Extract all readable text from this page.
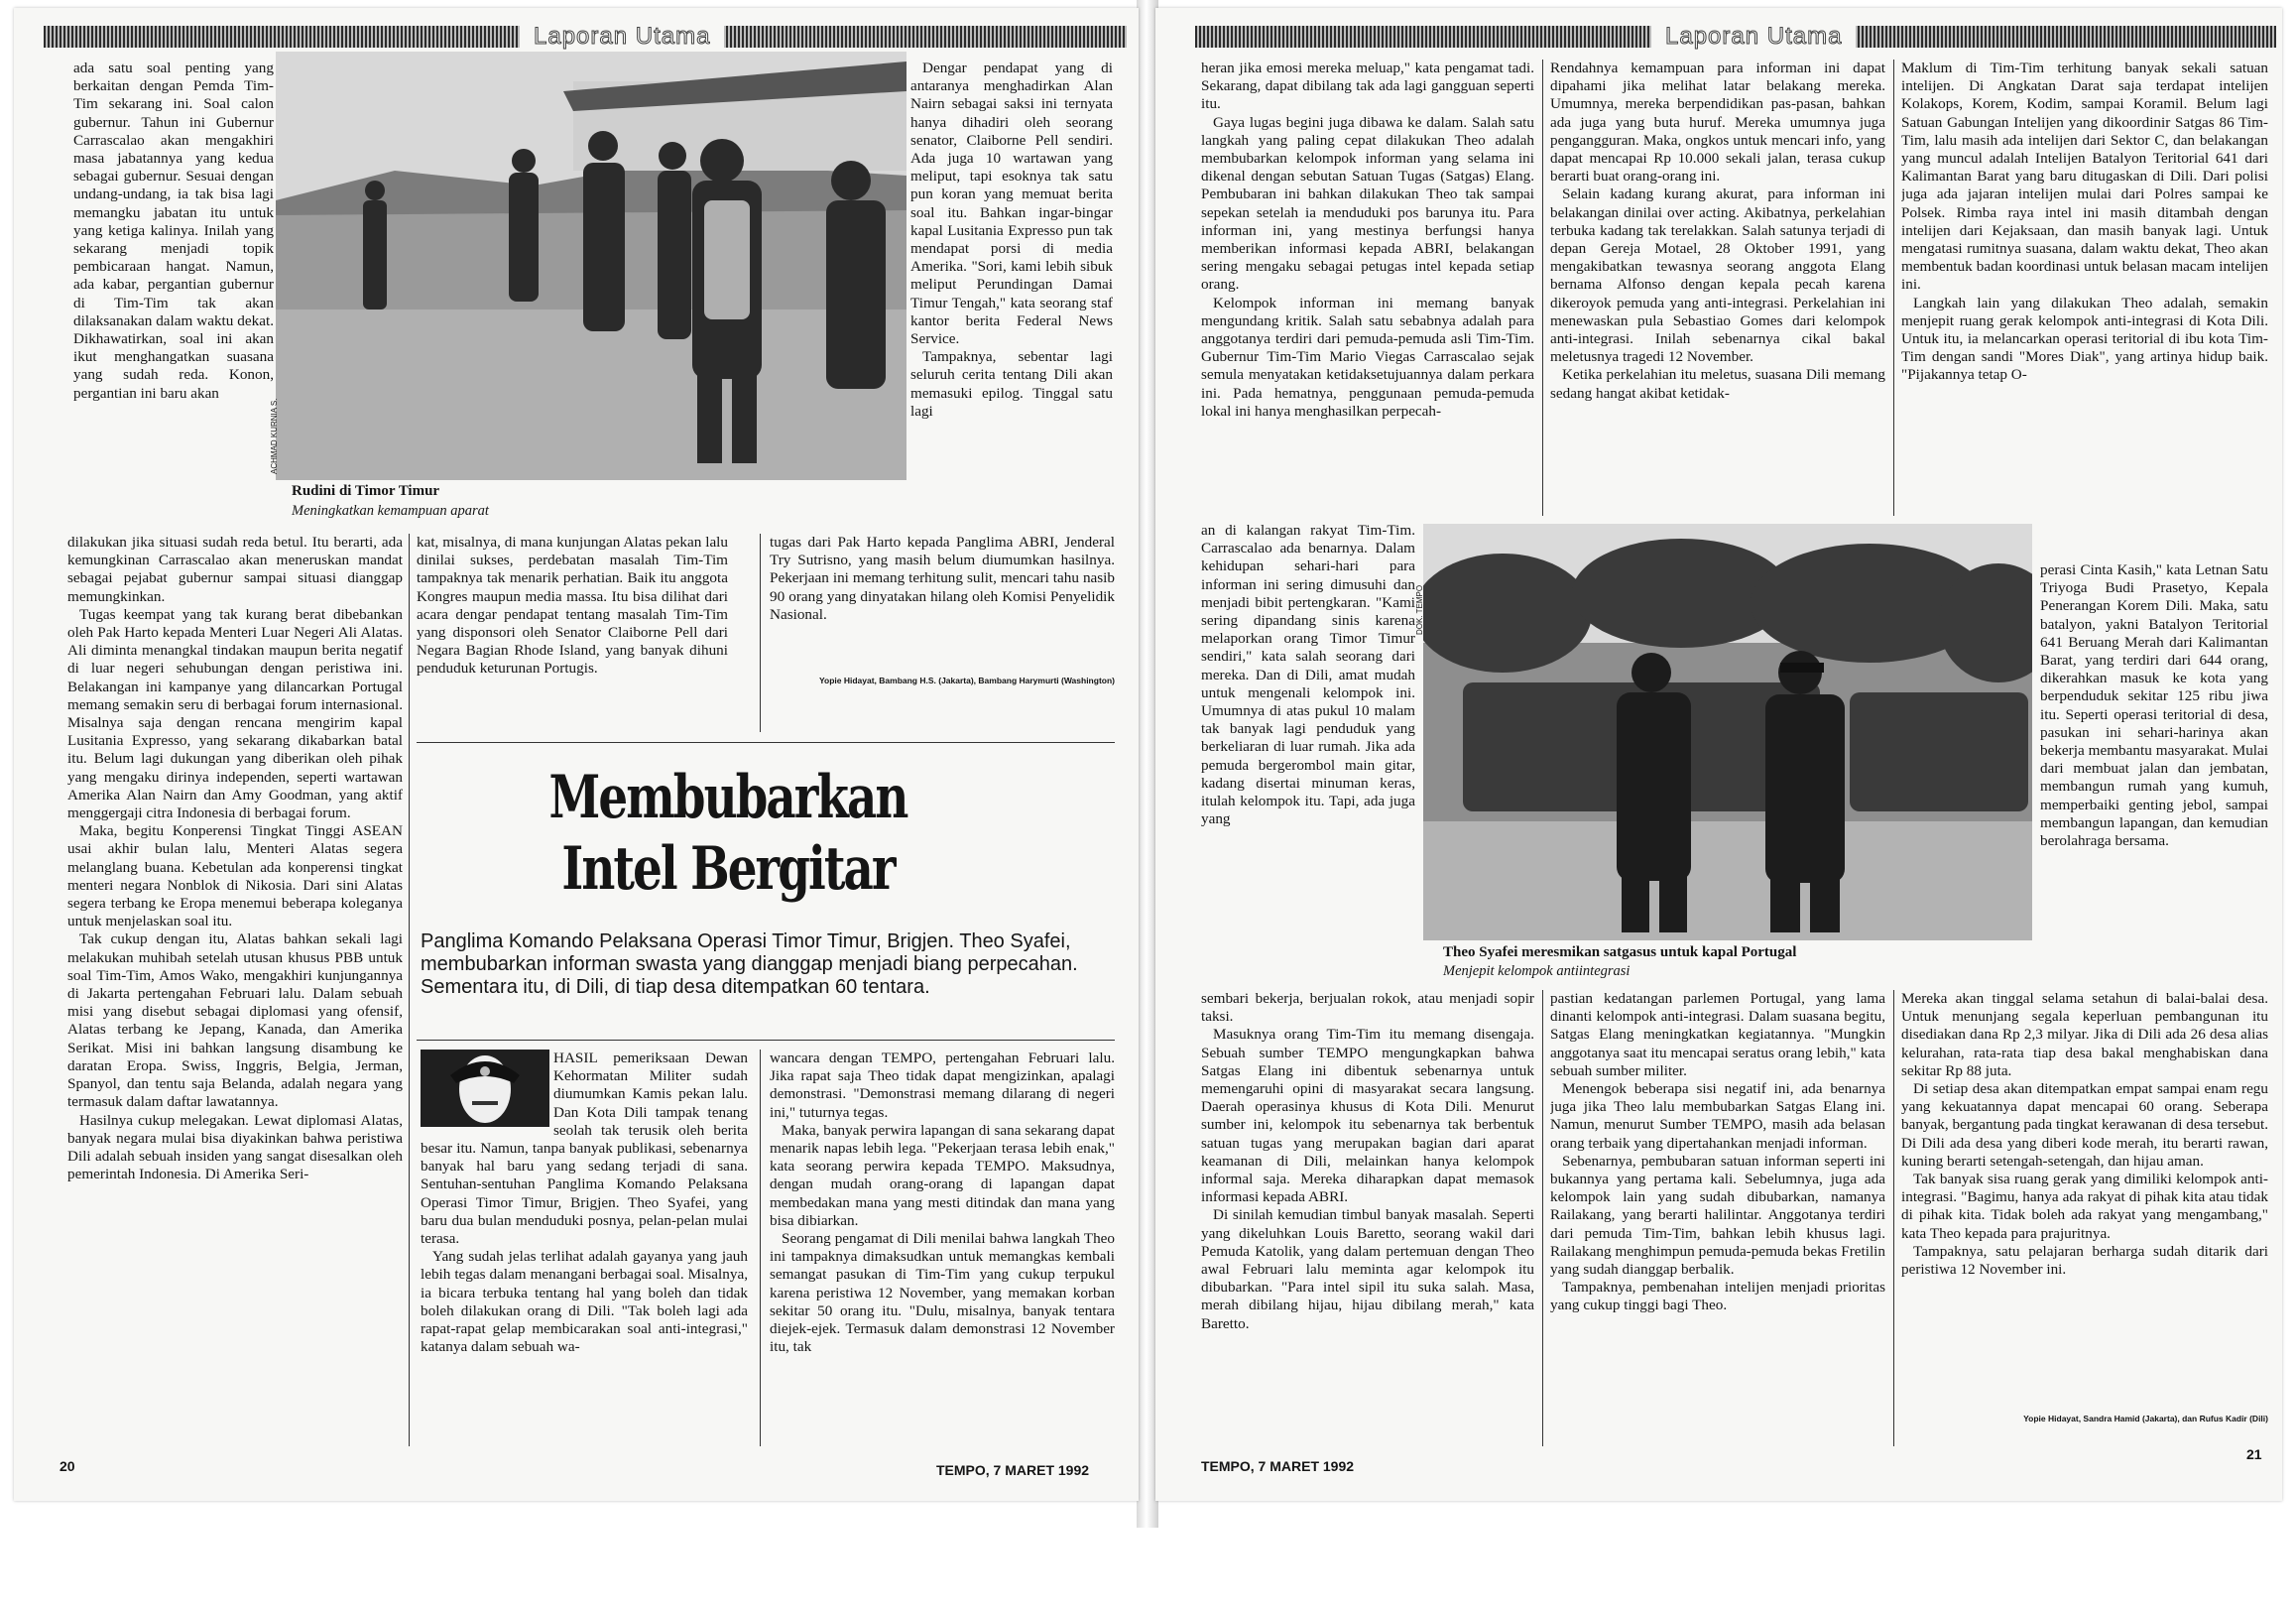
Laporan Utama

ada satu soal penting yang berkaitan dengan Pemda Tim-Tim sekarang ini. Soal calon gubernur. Tahun ini Gubernur Carrascalao akan mengakhiri masa jabatannya yang kedua sebagai gubernur. Sesuai dengan undang-undang, ia tak bisa lagi memangku jabatan itu untuk yang ketiga kalinya. Inilah yang sekarang menjadi topik pembicaraan hangat. Namun, ada kabar, pergantian gubernur di Tim-Tim tak akan dilaksanakan dalam waktu dekat. Dikhawatirkan, soal ini akan ikut menghangatkan suasana yang sudah reda. Konon, pergantian ini baru akan

ACHMAD KURNIA S.
Rudini di Timor Timur
Meningkatkan kemampuan aparat

Dengar pendapat yang di antaranya menghadirkan Alan Nairn sebagai saksi ini ternyata hanya dihadiri oleh seorang senator, Claiborne Pell sendiri. Ada juga 10 wartawan yang meliput, tapi esoknya tak satu pun koran yang memuat berita soal itu. Bahkan ingar-bingar kapal Lusitania Expresso pun tak mendapat porsi di media Amerika. "Sori, kami lebih sibuk meliput Perundingan Damai Timur Tengah," kata seorang staf kantor berita Federal News Service.

Tampaknya, sebentar lagi seluruh cerita tentang Dili akan memasuki epilog. Tinggal satu lagi

dilakukan jika situasi sudah reda betul. Itu berarti, ada kemungkinan Carrascalao akan meneruskan mandat sebagai pejabat gubernur sampai situasi dianggap memungkinkan.

Tugas keempat yang tak kurang berat dibebankan oleh Pak Harto kepada Menteri Luar Negeri Ali Alatas. Ali diminta menangkal tindakan maupun berita negatif di luar negeri sehubungan dengan peristiwa ini. Belakangan ini kampanye yang dilancarkan Portugal memang semakin seru di berbagai forum internasional. Misalnya saja dengan rencana mengirim kapal Lusitania Expresso, yang sekarang dikabarkan batal itu. Belum lagi dukungan yang diberikan oleh pihak yang mengaku dirinya independen, seperti wartawan Amerika Alan Nairn dan Amy Goodman, yang aktif menggergaji citra Indonesia di berbagai forum.

Maka, begitu Konperensi Tingkat Tinggi ASEAN usai akhir bulan lalu, Menteri Alatas segera melanglang buana. Kebetulan ada konperensi tingkat menteri negara Nonblok di Nikosia. Dari sini Alatas segera terbang ke Eropa menemui beberapa koleganya untuk menjelaskan soal itu.

Tak cukup dengan itu, Alatas bahkan sekali lagi melakukan muhibah setelah utusan khusus PBB untuk soal Tim-Tim, Amos Wako, mengakhiri kunjungannya di Jakarta pertengahan Februari lalu. Dalam sebuah misi yang disebut sebagai diplomasi yang ofensif, Alatas terbang ke Jepang, Kanada, dan Amerika Serikat. Misi ini bahkan langsung disambung ke daratan Eropa. Swiss, Inggris, Belgia, Jerman, Spanyol, dan tentu saja Belanda, adalah negara yang termasuk dalam daftar lawatannya.

Hasilnya cukup melegakan. Lewat diplomasi Alatas, banyak negara mulai bisa diyakinkan bahwa peristiwa Dili adalah sebuah insiden yang sangat disesalkan oleh pemerintah Indonesia. Di Amerika Seri-

kat, misalnya, di mana kunjungan Alatas pekan lalu dinilai sukses, perdebatan masalah Tim-Tim tampaknya tak menarik perhatian. Baik itu anggota Kongres maupun media massa. Itu bisa dilihat dari acara dengar pendapat tentang masalah Tim-Tim yang disponsori oleh Senator Claiborne Pell dari Negara Bagian Rhode Island, yang banyak dihuni penduduk keturunan Portugis.

tugas dari Pak Harto kepada Panglima ABRI, Jenderal Try Sutrisno, yang masih belum diumumkan hasilnya. Pekerjaan ini memang terhitung sulit, mencari tahu nasib 90 orang yang dinyatakan hilang oleh Komisi Penyelidik Nasional.

Yopie Hidayat, Bambang H.S. (Jakarta), Bambang Harymurti (Washington)
Membubarkan
Intel Bergitar
Panglima Komando Pelaksana Operasi Timor Timur, Brigjen. Theo Syafei, membubarkan informan swasta yang dianggap menjadi biang perpecahan. Sementara itu, di Dili, di tiap desa ditempatkan 60 tentara.

HASIL pemeriksaan Dewan Kehormatan Militer sudah diumumkan Kamis pekan lalu. Dan Kota Dili tampak tenang seolah tak terusik oleh berita besar itu. Namun, tanpa banyak publikasi, sebenarnya banyak hal baru yang sedang terjadi di sana. Sentuhan-sentuhan Panglima Komando Pelaksana Operasi Timor Timur, Brigjen. Theo Syafei, yang baru dua bulan menduduki posnya, pelan-pelan mulai terasa.

Yang sudah jelas terlihat adalah gayanya yang jauh lebih tegas dalam menangani berbagai soal. Misalnya, ia bicara terbuka tentang hal yang boleh dan tidak boleh dilakukan orang di Dili. "Tak boleh lagi ada rapat-rapat gelap membicarakan soal anti-integrasi," katanya dalam sebuah wa-

wancara dengan TEMPO, pertengahan Februari lalu. Jika rapat saja Theo tidak dapat mengizinkan, apalagi demonstrasi. "Demonstrasi memang dilarang di negeri ini," tuturnya tegas.

Maka, banyak perwira lapangan di sana sekarang dapat menarik napas lebih lega. "Pekerjaan terasa lebih enak," kata seorang perwira kepada TEMPO. Maksudnya, dengan mudah orang-orang di lapangan dapat membedakan mana yang mesti ditindak dan mana yang bisa dibiarkan.

Seorang pengamat di Dili menilai bahwa langkah Theo ini tampaknya dimaksudkan untuk memangkas kembali semangat pasukan di Tim-Tim yang cukup terpukul karena peristiwa 12 November, yang memakan korban sekitar 50 orang itu. "Dulu, misalnya, banyak tentara diejek-ejek. Termasuk dalam demonstrasi 12 November itu, tak

20	TEMPO, 7 MARET 1992
Laporan Utama

heran jika emosi mereka meluap," kata pengamat tadi. Sekarang, dapat dibilang tak ada lagi gangguan seperti itu.

Gaya lugas begini juga dibawa ke dalam. Salah satu langkah yang paling cepat dilakukan Theo adalah membubarkan kelompok informan yang selama ini dikenal dengan sebutan Satuan Tugas (Satgas) Elang. Pembubaran ini bahkan dilakukan Theo tak sampai sepekan setelah ia menduduki pos barunya itu. Para informan ini, yang mestinya berfungsi hanya memberikan informasi kepada ABRI, belakangan sering mengaku sebagai petugas intel kepada setiap orang.

Kelompok informan ini memang banyak mengundang kritik. Salah satu sebabnya adalah para anggotanya terdiri dari pemuda-pemuda asli Tim-Tim. Gubernur Tim-Tim Mario Viegas Carrascalao sejak semula menyatakan ketidaksetujuannya dalam perkara ini. Pada hematnya, penggunaan pemuda-pemuda lokal ini hanya menghasilkan perpecah-

an di kalangan rakyat Tim-Tim. Carrascalao ada benarnya. Dalam kehidupan sehari-hari para informan ini sering dimusuhi dan menjadi bibit pertengkaran. "Kami sering dipandang sinis karena melaporkan orang Timor Timur sendiri," kata salah seorang dari mereka. Dan di Dili, amat mudah untuk mengenali kelompok ini. Umumnya di atas pukul 10 malam tak banyak lagi penduduk yang berkeliaran di luar rumah. Jika ada pemuda bergerombol main gitar, kadang disertai minuman keras, itulah kelompok itu. Tapi, ada juga yang

sembari bekerja, berjualan rokok, atau menjadi sopir taksi.

Masuknya orang Tim-Tim itu memang disengaja. Sebuah sumber TEMPO mengungkapkan bahwa Satgas Elang ini dibentuk sebenarnya untuk memengaruhi opini di masyarakat secara langsung. Daerah operasinya khusus di Kota Dili. Menurut sumber ini, kelompok itu sebenarnya tak berbentuk satuan tugas yang merupakan bagian dari aparat keamanan di Dili, melainkan hanya kelompok informal saja. Mereka diharapkan dapat memasok informasi kepada ABRI.

Di sinilah kemudian timbul banyak masalah. Seperti yang dikeluhkan Louis Baretto, seorang wakil dari Pemuda Katolik, yang dalam pertemuan dengan Theo awal Februari lalu meminta agar kelompok itu dibubarkan. "Para intel sipil itu suka salah. Masa, merah dibilang hijau, hijau dibilang merah," kata Baretto.

Rendahnya kemampuan para informan ini dapat dipahami jika melihat latar belakang mereka. Umumnya, mereka berpendidikan pas-pasan, bahkan ada juga yang buta huruf. Mereka umumnya juga pengangguran. Maka, ongkos untuk mencari info, yang dapat mencapai Rp 10.000 sekali jalan, terasa cukup berarti buat orang-orang ini.

Selain kadang kurang akurat, para informan ini belakangan dinilai over acting. Akibatnya, perkelahian terbuka kadang tak terelakkan. Salah satunya terjadi di depan Gereja Motael, 28 Oktober 1991, yang mengakibatkan tewasnya seorang anggota Elang bernama Alfonso dengan kepala pecah karena dikeroyok pemuda yang anti-integrasi. Perkelahian ini menewaskan pula Sebastiao Gomes dari kelompok anti-integrasi. Inilah sebenarnya cikal bakal meletusnya tragedi 12 November.

Ketika perkelahian itu meletus, suasana Dili memang sedang hangat akibat ketidak-

Maklum di Tim-Tim terhitung banyak sekali satuan intelijen. Di Angkatan Darat saja terdapat intelijen Kolakops, Korem, Kodim, sampai Koramil. Belum lagi Satuan Gabungan Intelijen yang dikoordinir Satgas 86 Tim-Tim, lalu masih ada intelijen dari Sektor C, dan belakangan yang muncul adalah Intelijen Batalyon Teritorial 641 dari Kalimantan Barat yang baru ditugaskan di Dili. Dari polisi juga ada jajaran intelijen mulai dari Polres sampai ke Polsek. Rimba raya intel ini masih ditambah dengan intelijen dari Kejaksaan, dan masih banyak lagi. Untuk mengatasi rumitnya suasana, dalam waktu dekat, Theo akan membentuk badan koordinasi untuk belasan macam intelijen ini.

Langkah lain yang dilakukan Theo adalah, semakin menjepit ruang gerak kelompok anti-integrasi di Kota Dili. Untuk itu, ia melancarkan operasi teritorial di ibu kota Tim-Tim dengan sandi "Mores Diak", yang artinya hidup baik. "Pijakannya tetap O-

DOK. TEMPO
Theo Syafei meresmikan satgasus untuk kapal Portugal
Menjepit kelompok antiintegrasi

perasi Cinta Kasih," kata Letnan Satu Triyoga Budi Prasetyo, Kepala Penerangan Korem Dili. Maka, satu batalyon, yakni Batalyon Teritorial 641 Beruang Merah dari Kalimantan Barat, yang terdiri dari 644 orang, dikerahkan masuk ke kota yang berpenduduk sekitar 125 ribu jiwa itu. Seperti operasi teritorial di desa, pasukan ini sehari-harinya akan bekerja membantu masyarakat. Mulai dari membuat jalan dan jembatan, membangun rumah yang kumuh, memperbaiki genting jebol, sampai membangun lapangan, dan kemudian berolahraga bersama.

pastian kedatangan parlemen Portugal, yang lama dinanti kelompok anti-integrasi. Dalam suasana begitu, Satgas Elang meningkatkan kegiatannya. "Mungkin anggotanya saat itu mencapai seratus orang lebih," kata sebuah sumber militer.

Menengok beberapa sisi negatif ini, ada benarnya juga jika Theo lalu membubarkan Satgas Elang ini. Namun, menurut Sumber TEMPO, masih ada belasan orang terbaik yang dipertahankan menjadi informan.

Sebenarnya, pembubaran satuan informan seperti ini bukannya yang pertama kali. Sebelumnya, juga ada kelompok lain yang sudah dibubarkan, namanya Railakang, yang berarti halilintar. Anggotanya terdiri dari pemuda Tim-Tim, bahkan lebih khusus lagi. Railakang menghimpun pemuda-pemuda bekas Fretilin yang sudah dianggap berbalik.

Tampaknya, pembenahan intelijen menjadi prioritas yang cukup tinggi bagi Theo.

Mereka akan tinggal selama setahun di balai-balai desa. Untuk menunjang segala keperluan pembangunan itu disediakan dana Rp 2,3 milyar. Jika di Dili ada 26 desa alias kelurahan, rata-rata tiap desa bakal menghabiskan dana sekitar Rp 88 juta.

Di setiap desa akan ditempatkan empat sampai enam regu yang kekuatannya dapat mencapai 60 orang. Seberapa banyak, bergantung pada tingkat kerawanan di desa tersebut. Di Dili ada desa yang diberi kode merah, itu berarti rawan, kuning berarti setengah-setengah, dan hijau aman.

Tak banyak sisa ruang gerak yang dimiliki kelompok anti-integrasi. "Bagimu, hanya ada rakyat di pihak kita atau tidak di pihak kita. Tidak boleh ada rakyat yang mengambang," kata Theo kepada para prajuritnya.

Tampaknya, satu pelajaran berharga sudah ditarik dari peristiwa 12 November ini.

Yopie Hidayat, Sandra Hamid (Jakarta), dan Rufus Kadir (Dili)
TEMPO, 7 MARET 1992
21
